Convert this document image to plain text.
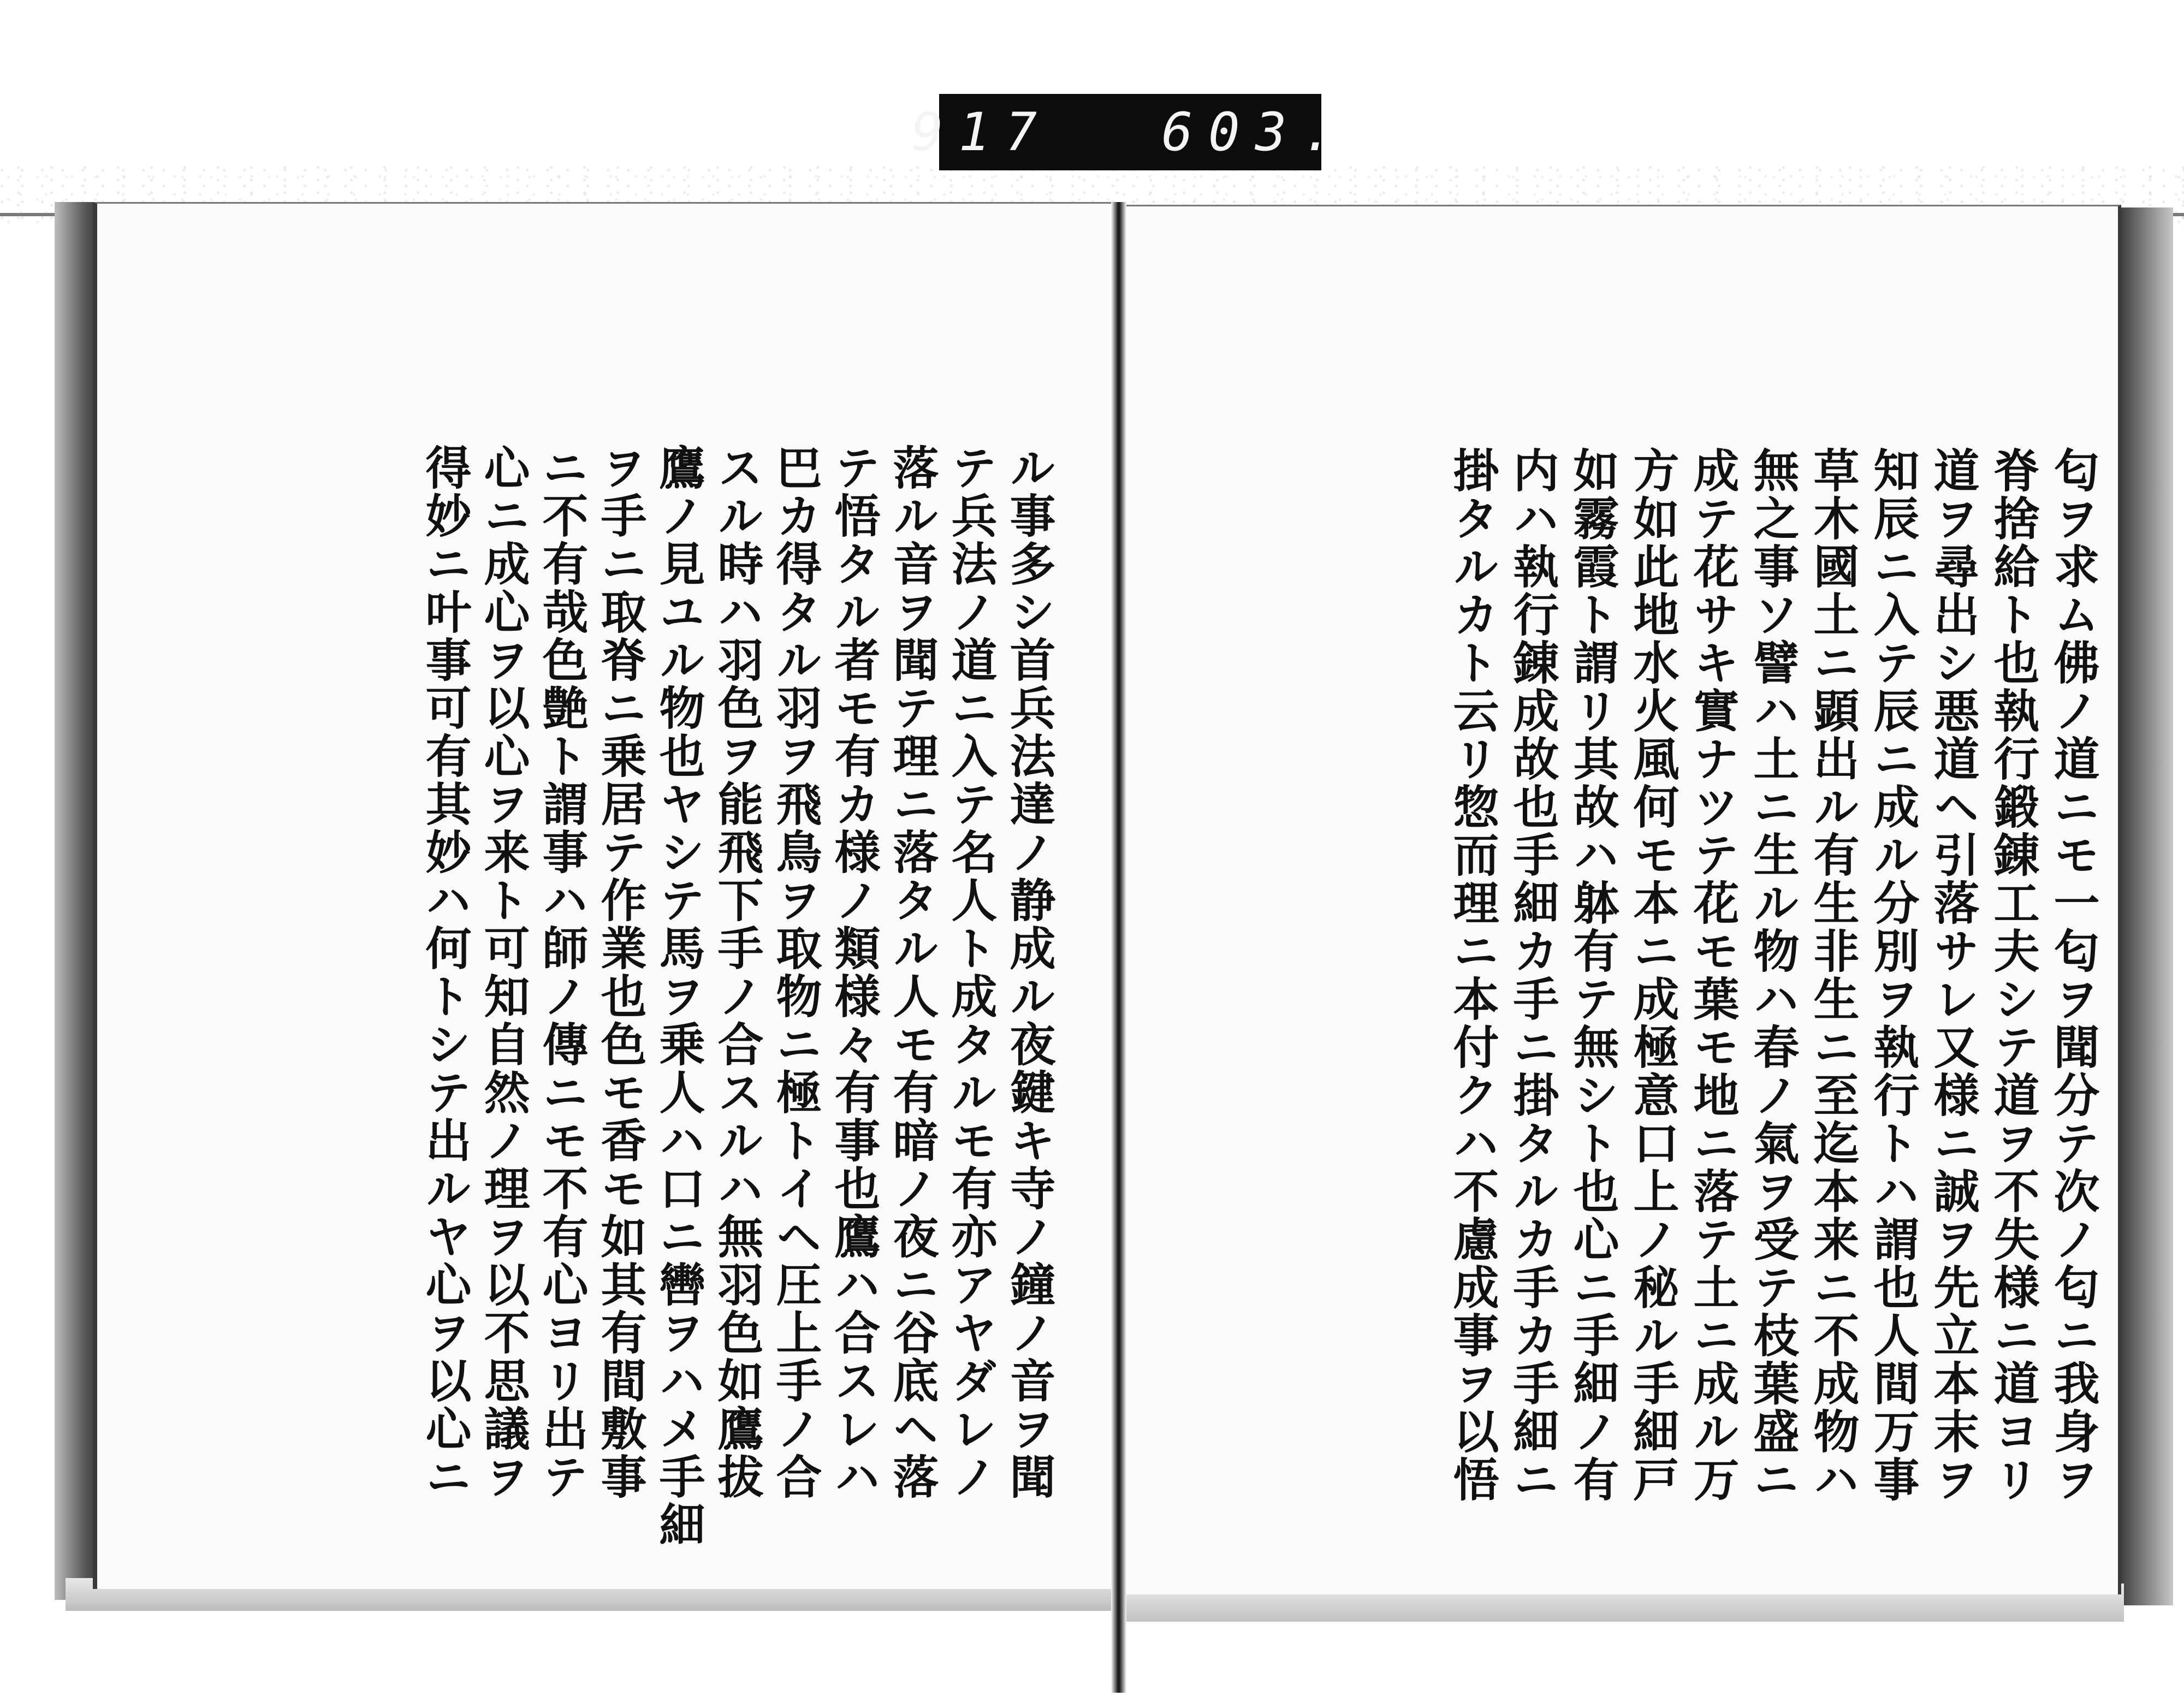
917 603.
ル事多シ首兵法達ノ静成ル夜鍵キ寺ノ鐘ノ音ヲ聞
テ兵法ノ道ニ入テ名人ト成タルモ有亦アヤダレノ
落ル音ヲ聞テ理ニ落タル人モ有暗ノ夜ニ谷底ヘ落
テ悟タル者モ有カ様ノ類様々有事也鷹ハ合スレハ
巴カ得タル羽ヲ飛鳥ヲ取物ニ極トイヘ圧上手ノ合
スル時ハ羽色ヲ能飛下手ノ合スルハ無羽色如鷹拔
鷹ノ見ユル物也ヤシテ馬ヲ乗人ハ口ニ轡ヲハメ手細
ヲ手ニ取脊ニ乗居テ作業也色モ香モ如其有間敷事
ニ不有哉色艶ト謂事ハ師ノ傳ニモ不有心ヨリ出テ
心ニ成心ヲ以心ヲ来ト可知自然ノ理ヲ以不思議ヲ
得妙ニ叶事可有其妙ハ何トシテ出ルヤ心ヲ以心ニ	匂ヲ求ム佛ノ道ニモ一匂ヲ聞分テ次ノ匂ニ我身ヲ
脊捨給ト也執行鍛錬工夫シテ道ヲ不失様ニ道ヨリ
道ヲ尋出シ悪道ヘ引落サレ又様ニ誠ヲ先立本末ヲ
知辰ニ入テ辰ニ成ル分別ヲ執行トハ謂也人間万事
草木國土ニ顕出ル有生非生ニ至迄本来ニ不成物ハ
無之事ソ譬ハ土ニ生ル物ハ春ノ氣ヲ受テ枝葉盛ニ
成テ花サキ實ナツテ花モ葉モ地ニ落テ土ニ成ル万
方如此地水火風何モ本ニ成極意口上ノ秘ル手細戸
如霧霞ト謂リ其故ハ躰有テ無シト也心ニ手細ノ有
内ハ執行錬成故也手細カ手ニ掛タルカ手カ手細ニ
掛タルカト云リ惣而理ニ本付クハ不慮成事ヲ以悟
